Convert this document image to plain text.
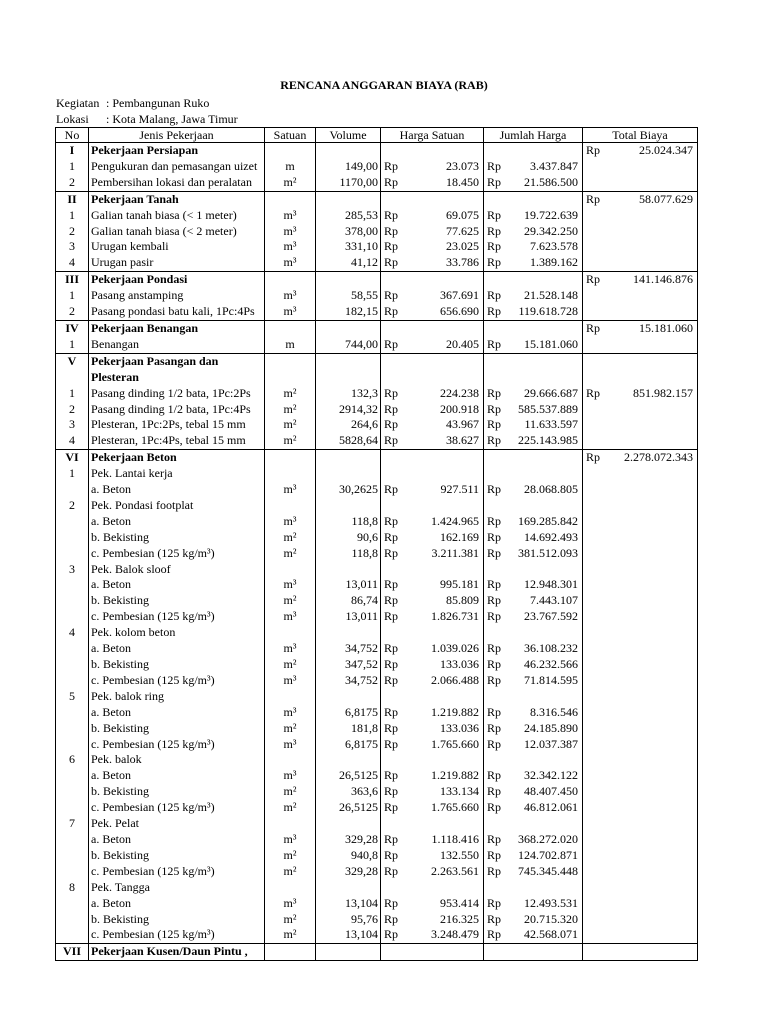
RENCANA ANGGARAN BIAYA (RAB)
Kegiatan : Pembangunan Ruko
Lokasi : Kota Malang, Jawa Timur
No	Jenis Pekerjaan	Satuan	Volume	Harga Satuan	Jumlah Harga	Total Biaya
I	Pekerjaan Persiapan					Rp 25.024.347

1	Pengukuran dan pemasangan uizet	m	149,00	Rp 23.073	Rp 3.437.847	

2	Pembersihan lokasi dan peralatan	m²	1170,00	Rp 18.450	Rp 21.586.500	

II	Pekerjaan Tanah					Rp 58.077.629

1	Galian tanah biasa (< 1 meter)	m³	285,53	Rp 69.075	Rp 19.722.639	

2	Galian tanah biasa (< 2 meter)	m³	378,00	Rp 77.625	Rp 29.342.250	

3	Urugan kembali	m³	331,10	Rp 23.025	Rp 7.623.578	

4	Urugan pasir	m³	41,12	Rp 33.786	Rp 1.389.162	

III	Pekerjaan Pondasi					Rp 141.146.876

1	Pasang anstamping	m³	58,55	Rp 367.691	Rp 21.528.148	

2	Pasang pondasi batu kali, 1Pc:4Ps	m³	182,15	Rp 656.690	Rp 119.618.728	

IV	Pekerjaan Benangan					Rp 15.181.060

1	Benangan	m	744,00	Rp 20.405	Rp 15.181.060	

V	Pekerjaan Pasangan dan					
	Plesteran					
1	Pasang dinding 1/2 bata, 1Pc:2Ps	m²	132,3	Rp 224.238	Rp 29.666.687	Rp 851.982.157

2	Pasang dinding 1/2 bata, 1Pc:4Ps	m²	2914,32	Rp 200.918	Rp 585.537.889	

3	Plesteran, 1Pc:2Ps, tebal 15 mm	m²	264,6	Rp 43.967	Rp 11.633.597	

4	Plesteran, 1Pc:4Ps, tebal 15 mm	m²	5828,64	Rp 38.627	Rp 225.143.985	

VI	Pekerjaan Beton					Rp 2.278.072.343

1	Pek. Lantai kerja					
	a. Beton	m³	30,2625	Rp 927.511	Rp 28.068.805	

2	Pek. Pondasi footplat					
	a. Beton	m³	118,8	Rp 1.424.965	Rp 169.285.842	

	b. Bekisting	m²	90,6	Rp 162.169	Rp 14.692.493	

	c. Pembesian (125 kg/m³)	m²	118,8	Rp 3.211.381	Rp 381.512.093	

3	Pek. Balok sloof					
	a. Beton	m³	13,011	Rp 995.181	Rp 12.948.301	

	b. Bekisting	m²	86,74	Rp 85.809	Rp 7.443.107	

	c. Pembesian (125 kg/m³)	m³	13,011	Rp 1.826.731	Rp 23.767.592	

4	Pek. kolom beton					
	a. Beton	m³	34,752	Rp 1.039.026	Rp 36.108.232	

	b. Bekisting	m²	347,52	Rp 133.036	Rp 46.232.566	

	c. Pembesian (125 kg/m³)	m³	34,752	Rp 2.066.488	Rp 71.814.595	

5	Pek. balok ring					
	a. Beton	m³	6,8175	Rp 1.219.882	Rp 8.316.546	

	b. Bekisting	m²	181,8	Rp 133.036	Rp 24.185.890	

	c. Pembesian (125 kg/m³)	m³	6,8175	Rp 1.765.660	Rp 12.037.387	

6	Pek. balok					
	a. Beton	m³	26,5125	Rp 1.219.882	Rp 32.342.122	

	b. Bekisting	m²	363,6	Rp 133.134	Rp 48.407.450	

	c. Pembesian (125 kg/m³)	m²	26,5125	Rp 1.765.660	Rp 46.812.061	

7	Pek. Pelat					
	a. Beton	m³	329,28	Rp 1.118.416	Rp 368.272.020	

	b. Bekisting	m²	940,8	Rp 132.550	Rp 124.702.871	

	c. Pembesian (125 kg/m³)	m²	329,28	Rp 2.263.561	Rp 745.345.448	

8	Pek. Tangga					
	a. Beton	m³	13,104	Rp 953.414	Rp 12.493.531	

	b. Bekisting	m²	95,76	Rp 216.325	Rp 20.715.320	

	c. Pembesian (125 kg/m³)	m²	13,104	Rp 3.248.479	Rp 42.568.071	

VII	Pekerjaan Kusen/Daun Pintu ,					
